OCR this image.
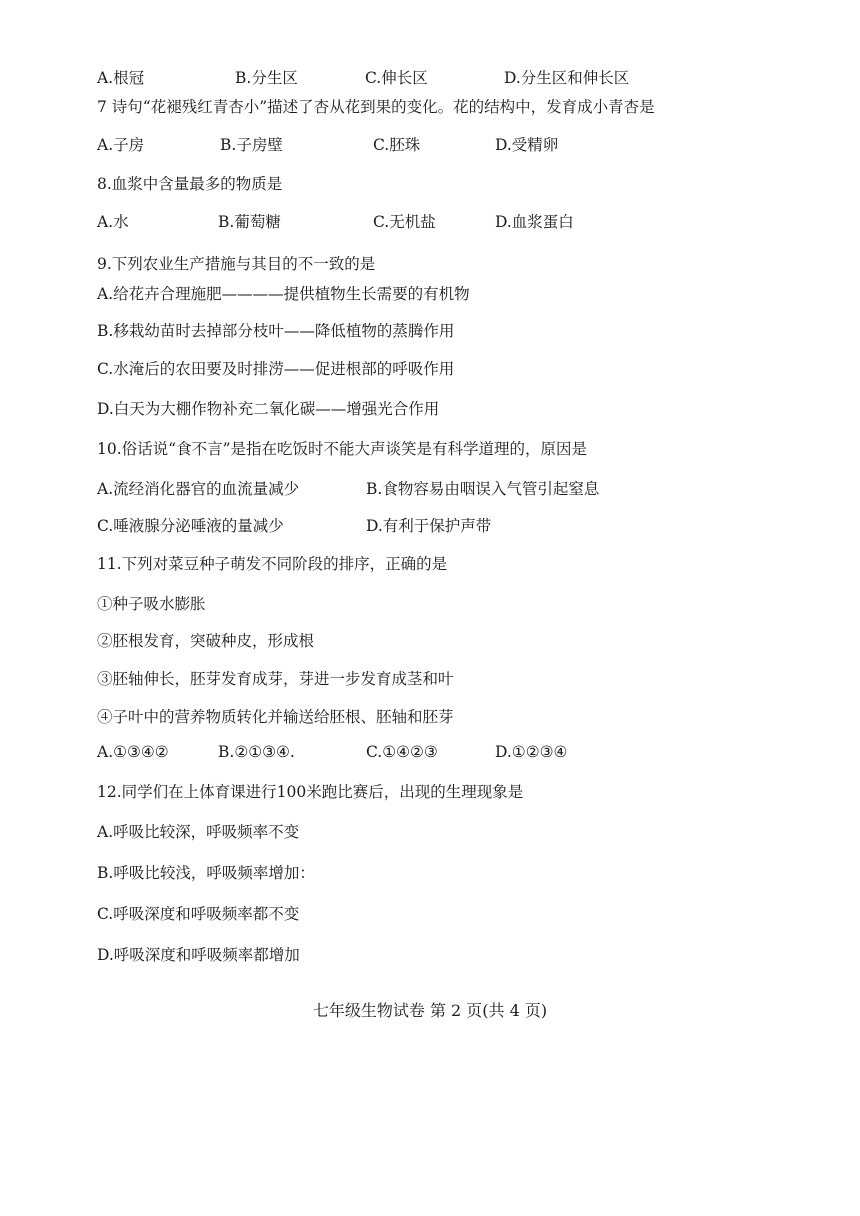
A.根冠	B.分生区	C.伸长区	D.分生区和伸长区
7 诗句“花褪残红青杏小”描述了杏从花到果的变化。花的结构中，发育成小青杏是
A.子房	B.子房壁	C.胚珠	D.受精卵
8.血浆中含量最多的物质是
A.水	B.葡萄糖	C.无机盐	D.血浆蛋白
9.下列农业生产措施与其目的不一致的是
A.给花卉合理施肥————提供植物生长需要的有机物
B.移栽幼苗时去掉部分枝叶——降低植物的蒸腾作用
C.水淹后的农田要及时排涝——促进根部的呼吸作用
D.白天为大棚作物补充二氧化碳——增强光合作用
10.俗话说“食不言”是指在吃饭时不能大声谈笑是有科学道理的，原因是
A.流经消化器官的血流量减少	B.食物容易由咽误入气管引起窒息
C.唾液腺分泌唾液的量减少	D.有利于保护声带
11.下列对菜豆种子萌发不同阶段的排序，正确的是
①种子吸水膨胀
②胚根发育，突破种皮，形成根
③胚轴伸长，胚芽发育成芽，芽进一步发育成茎和叶
④子叶中的营养物质转化并输送给胚根、胚轴和胚芽
A.①③④②	B.②①③④.	C.①④②③	D.①②③④
12.同学们在上体育课进行100米跑比赛后，出现的生理现象是
A.呼吸比较深，呼吸频率不变
B.呼吸比较浅，呼吸频率增加：
C.呼吸深度和呼吸频率都不变
D.呼吸深度和呼吸频率都增加
七年级生物试卷 第 2 页(共 4 页)
